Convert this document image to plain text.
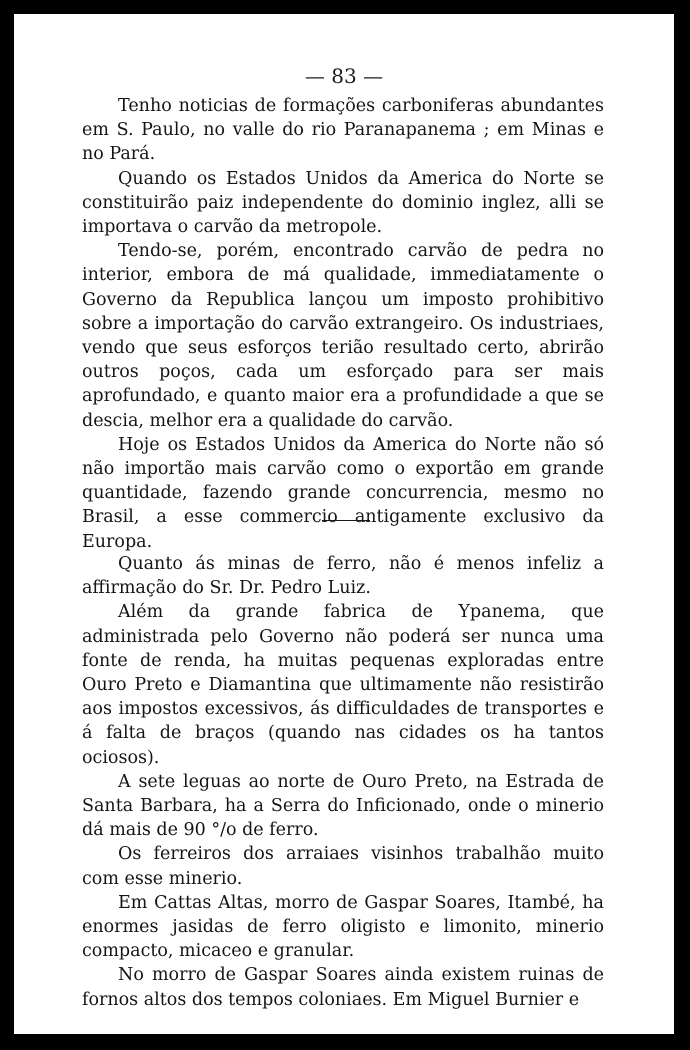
— 83 —

Tenho noticias de formações carboniferas abundantes em S. Paulo, no valle do rio Paranapanema ; em Minas e no Pará.

Quando os Estados Unidos da America do Norte se constituirão paiz independente do dominio inglez, alli se importava o carvão da metropole.

Tendo-se, porém, encontrado carvão de pedra no interior, embora de má qualidade, immediatamente o Governo da Republica lançou um imposto prohibitivo sobre a importação do carvão extrangeiro. Os industriaes, vendo que seus esforços terião resultado certo, abrirão outros poços, cada um esforçado para ser mais aprofundado, e quanto maior era a profundidade a que se descia, melhor era a qualidade do carvão.

Hoje os Estados Unidos da America do Norte não só não importão mais carvão como o exportão em grande quantidade, fazendo grande concurrencia, mesmo no Brasil, a esse commercio antigamente exclusivo da Europa.

Quanto ás minas de ferro, não é menos infeliz a affirmação do Sr. Dr. Pedro Luiz.

Além da grande fabrica de Ypanema, que administrada pelo Governo não poderá ser nunca uma fonte de renda, ha muitas pequenas exploradas entre Ouro Preto e Diamantina que ultimamente não resistirão aos impostos excessivos, ás difficuldades de transportes e á falta de braços (quando nas cidades os ha tantos ociosos).

A sete leguas ao norte de Ouro Preto, na Estrada de Santa Barbara, ha a Serra do Inficionado, onde o minerio dá mais de 90 °/o de ferro.

Os ferreiros dos arraiaes visinhos trabalhão muito com esse minerio.

Em Cattas Altas, morro de Gaspar Soares, Itambé, ha enormes jasidas de ferro oligisto e limonito, minerio compacto, micaceo e granular.

No morro de Gaspar Soares ainda existem ruinas de fornos altos dos tempos coloniaes. Em Miguel Burnier e
